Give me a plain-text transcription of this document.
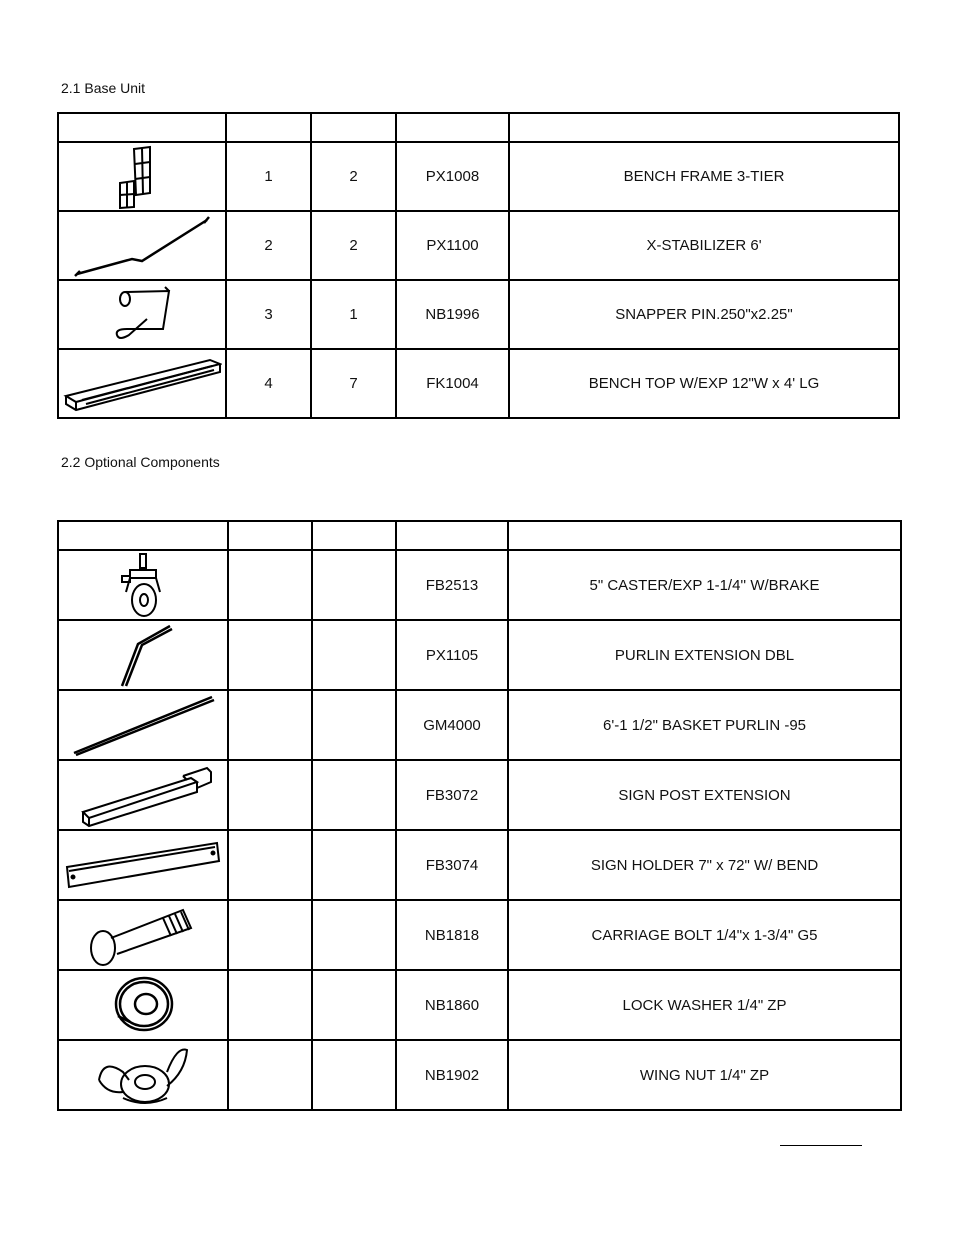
2.1 Base Unit

	1	2	PX1008	BENCH FRAME 3-TIER

	2	2	PX1100	X-STABILIZER 6'

	3	1	NB1996	SNAPPER PIN.250"x2.25"

	4	7	FK1004	BENCH TOP W/EXP 12"W x 4' LG
2.2 Optional Components

			FB2513	5" CASTER/EXP 1-1/4'' W/BRAKE

			PX1105	PURLIN EXTENSION DBL

			GM4000	6'-1 1/2" BASKET PURLIN -95

			FB3072	SIGN POST EXTENSION

			FB3074	SIGN HOLDER 7" x 72" W/ BEND

			NB1818	CARRIAGE BOLT 1/4"x 1-3/4" G5

			NB1860	LOCK WASHER 1/4" ZP

			NB1902	WING NUT 1/4" ZP
